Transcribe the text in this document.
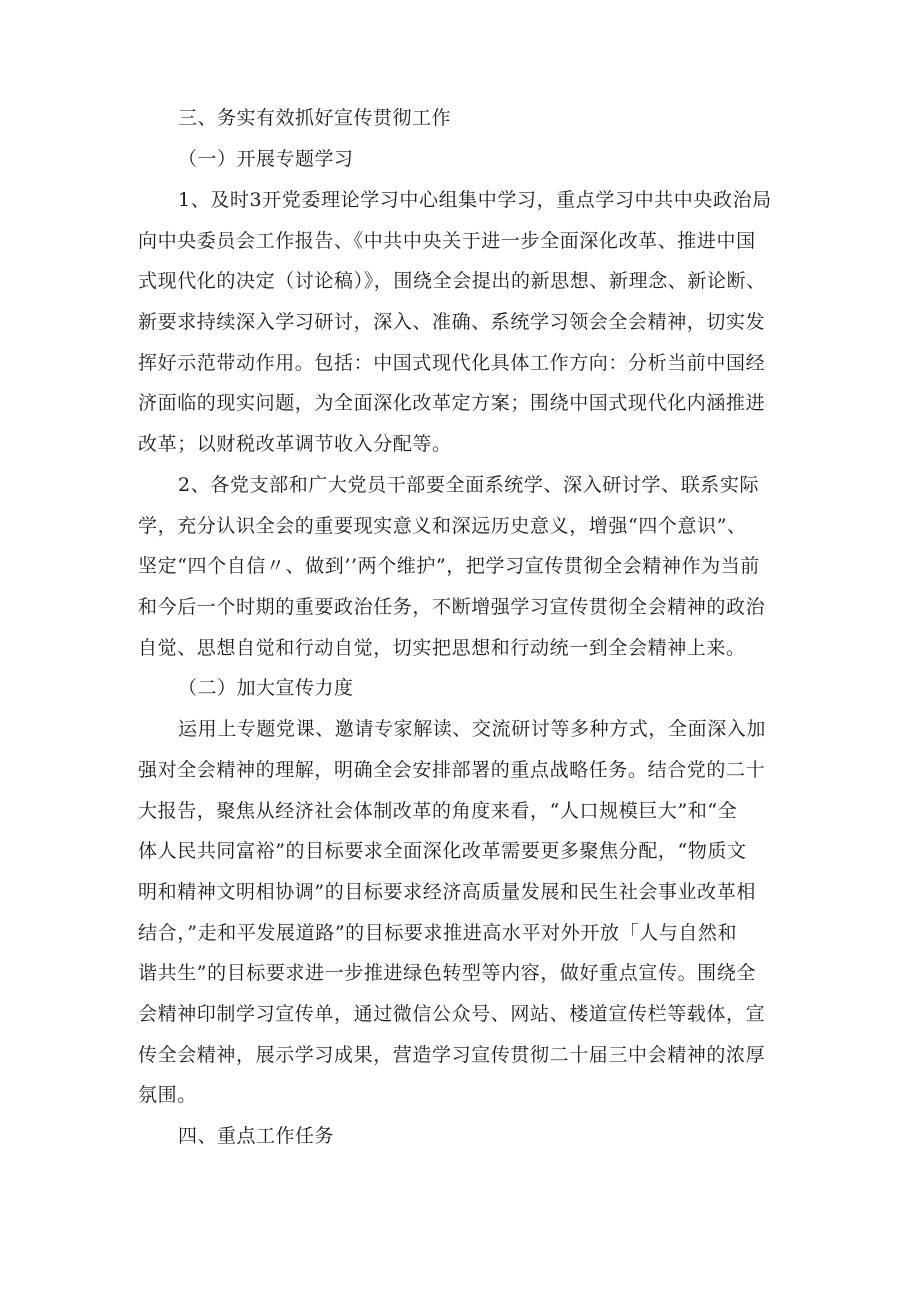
三、务实有效抓好宣传贯彻工作
（一）开展专题学习
1、及时3开党委理论学习中心组集中学习，重点学习中共中央政治局
向中央委员会工作报告、《中共中央关于进一步全面深化改革、推进中国
式现代化的决定（讨论稿）》，围绕全会提出的新思想、新理念、新论断、
新要求持续深入学习研讨，深入、准确、系统学习领会全会精神，切实发
挥好示范带动作用。包括：中国式现代化具体工作方向：分析当前中国经
济面临的现实问题，为全面深化改革定方案；围绕中国式现代化内涵推进
改革；以财税改革调节收入分配等。
2、各党支部和广大党员干部要全面系统学、深入研讨学、联系实际
学，充分认识全会的重要现实意义和深远历史意义，增强“四个意识”、
坚定“四个自信〃、做到’’两个维护”，把学习宣传贯彻全会精神作为当前
和今后一个时期的重要政治任务，不断增强学习宣传贯彻全会精神的政治
自觉、思想自觉和行动自觉，切实把思想和行动统一到全会精神上来。
（二）加大宣传力度
运用上专题党课、邀请专家解读、交流研讨等多种方式，全面深入加
强对全会精神的理解，明确全会安排部署的重点战略任务。结合党的二十
大报告，聚焦从经济社会体制改革的角度来看，“人口规模巨大”和“全
体人民共同富裕”的目标要求全面深化改革需要更多聚焦分配，“物质文
明和精神文明相协调”的目标要求经济高质量发展和民生社会事业改革相
结合，”走和平发展道路”的目标要求推进高水平对外开放「人与自然和
谐共生”的目标要求进一步推进绿色转型等内容，做好重点宣传。围绕全
会精神印制学习宣传单，通过微信公众号、网站、楼道宣传栏等载体，宣
传全会精神，展示学习成果，营造学习宣传贯彻二十届三中会精神的浓厚
氛围。
四、重点工作任务
